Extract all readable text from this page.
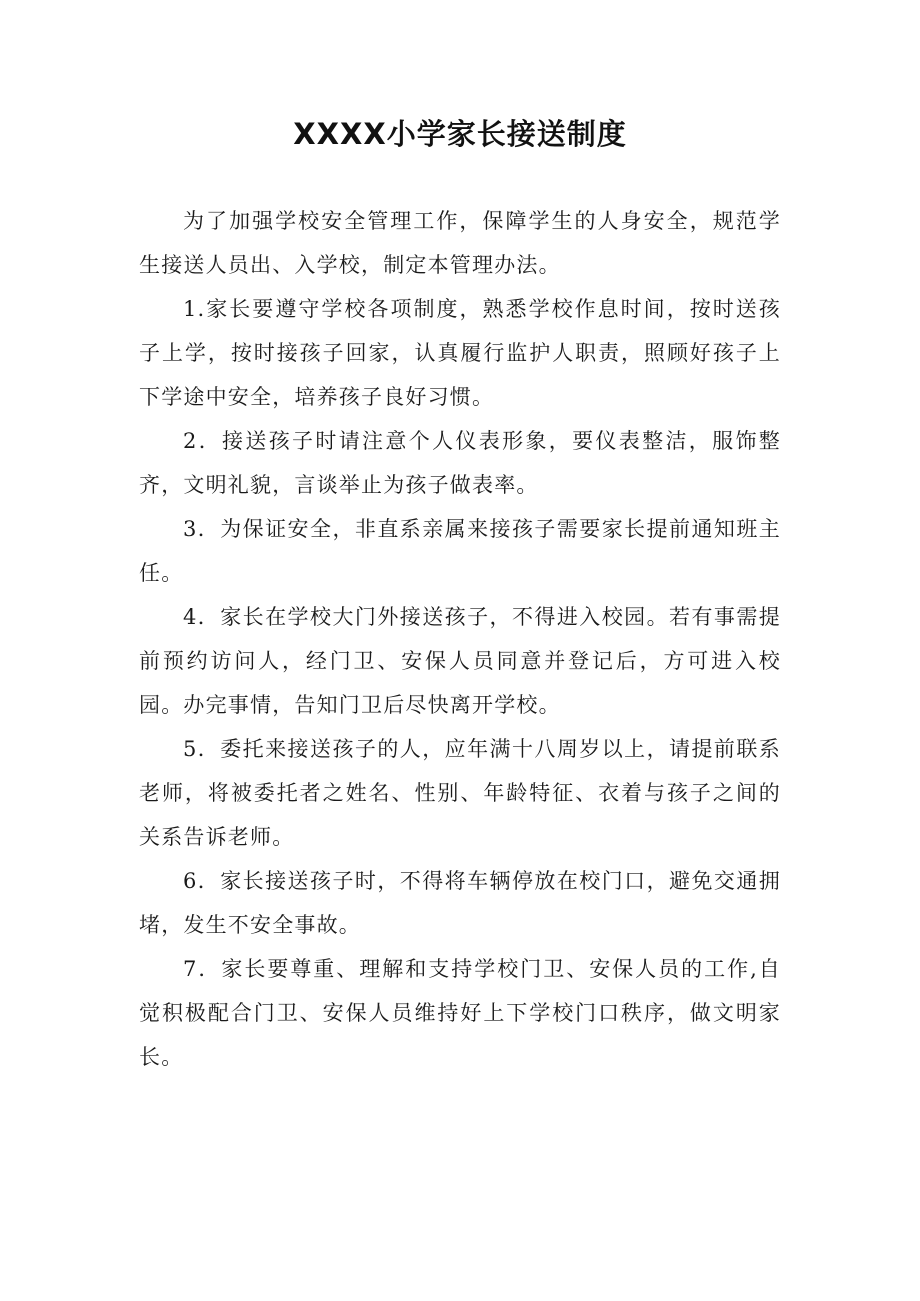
XXXX小学家长接送制度

为了加强学校安全管理工作，保障学生的人身安全，规范学生接送人员出、入学校，制定本管理办法。

1.家长要遵守学校各项制度，熟悉学校作息时间，按时送孩子上学，按时接孩子回家，认真履行监护人职责，照顾好孩子上下学途中安全，培养孩子良好习惯。

2．接送孩子时请注意个人仪表形象，要仪表整洁，服饰整齐，文明礼貌，言谈举止为孩子做表率。

3．为保证安全，非直系亲属来接孩子需要家长提前通知班主任。

4．家长在学校大门外接送孩子，不得进入校园。若有事需提前预约访问人，经门卫、安保人员同意并登记后，方可进入校园。办完事情，告知门卫后尽快离开学校。

5．委托来接送孩子的人，应年满十八周岁以上，请提前联系老师，将被委托者之姓名、性别、年龄特征、衣着与孩子之间的关系告诉老师。

6．家长接送孩子时，不得将车辆停放在校门口，避免交通拥堵，发生不安全事故。

7．家长要尊重、理解和支持学校门卫、安保人员的工作,自觉积极配合门卫、安保人员维持好上下学校门口秩序，做文明家长。
